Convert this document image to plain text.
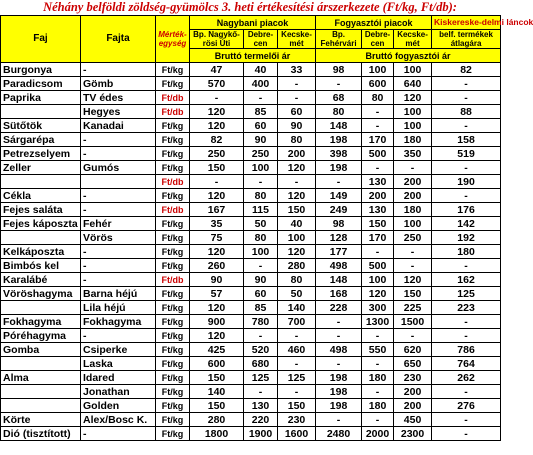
Néhány belföldi zöldség-gyümölcs 3. heti értékesítési árszerkezete (Ft/kg, Ft/db):
Faj	Fajta	Mérték-egység	Nagybani piacok			Fogyasztói piacok			Kiskereske-delmi láncok
			Bp. Nagykő-rösi Úti	Debre-cen	Kecske-mét	Bp. Fehérvári	Debre-cen	Kecske-mét	belf. termékek átlagára
			Bruttó termelői ár			Bruttó fogyasztói ár			
Burgonya	-	Ft/kg	47	40	33	98	100	100	82
Paradicsom	Gömb	Ft/kg	570	400	-	-	600	640	-
Paprika	TV édes	Ft/db	-	-	-	68	80	120	-
	Hegyes	Ft/db	120	85	60	80	-	100	88
Sütőtök	Kanadai	Ft/kg	120	60	90	148	-	100	-
Sárgarépa	-	Ft/kg	82	90	80	198	170	180	158
Petrezselyem	-	Ft/kg	250	250	200	398	500	350	519
Zeller	Gumós	Ft/kg	150	100	120	198	-	-	-
		Ft/db	-	-	-	-	130	200	190
Cékla	-	Ft/kg	120	80	120	149	200	200	-
Fejes saláta	-	Ft/db	167	115	150	249	130	180	176
Fejes káposzta	Fehér	Ft/kg	35	50	40	98	150	100	142
	Vörös	Ft/kg	75	80	100	128	170	250	192
Kelkáposzta	-	Ft/kg	120	100	120	177	-	-	180
Bimbós kel	-	Ft/kg	260	-	280	498	500	-	-
Karalábé	-	Ft/db	90	90	80	148	100	120	162
Vöröshagyma	Barna héjú	Ft/kg	57	60	50	168	120	150	125
	Lila héjú	Ft/kg	120	85	140	228	300	225	223
Fokhagyma	Fokhagyma	Ft/kg	900	780	700	-	1300	1500	-
Póréhagyma	-	Ft/kg	120	-	-	-	-	-	-
Gomba	Csiperke	Ft/kg	425	520	460	498	550	620	786
	Laska	Ft/kg	600	680	-	-	-	650	764
Alma	Idared	Ft/kg	150	125	125	198	180	230	262
	Jonathan	Ft/kg	140	-	-	198	-	200	-
	Golden	Ft/kg	150	130	150	198	180	200	276
Körte	Alex/Bosc K.	Ft/kg	280	220	230	-	-	450	-
Dió (tisztított)	-	Ft/kg	1800	1900	1600	2480	2000	2300	-
